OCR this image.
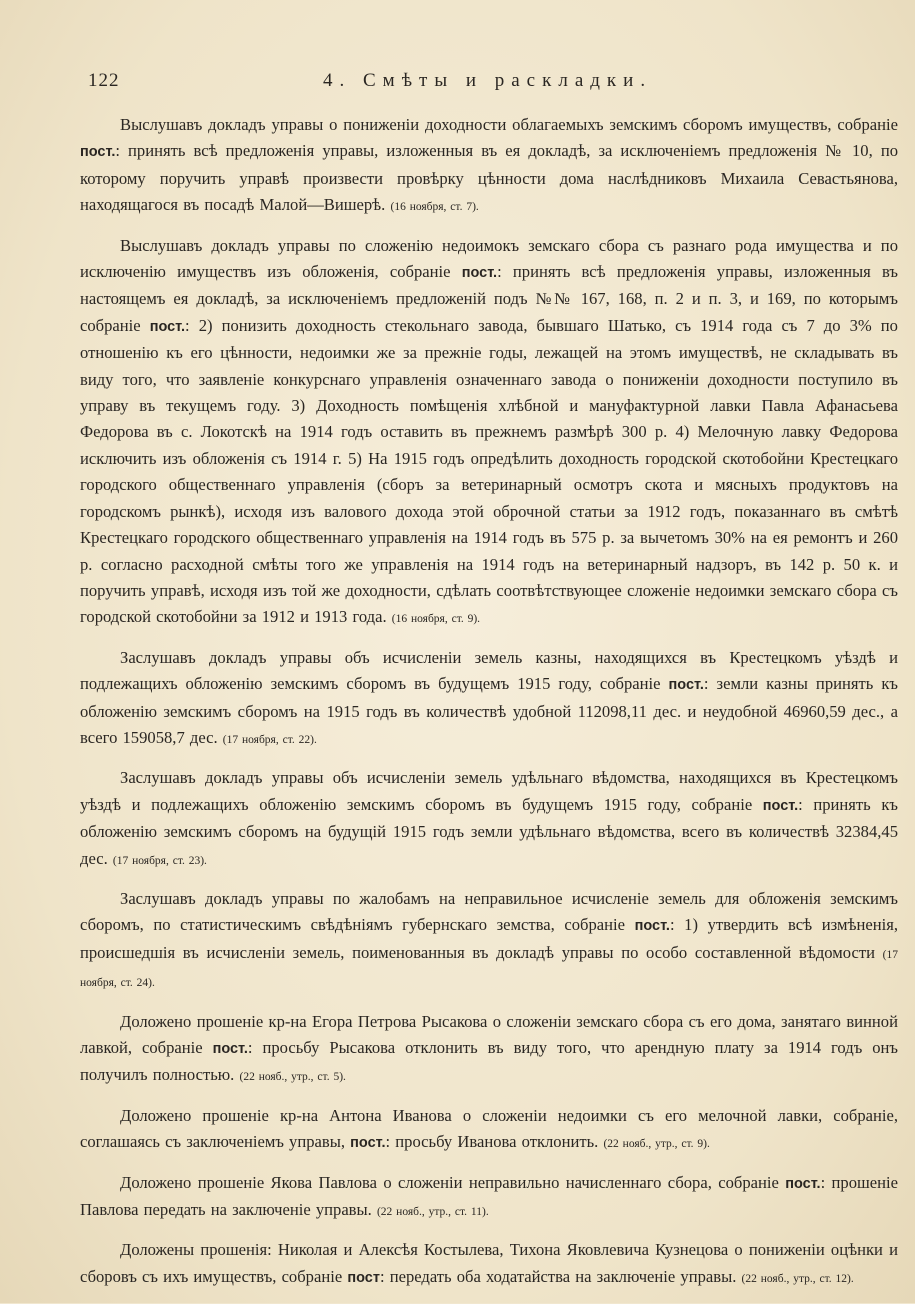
122	4. Смѣты и раскладки.

Выслушавъ докладъ управы о пониженіи доходности облагаемыхъ земскимъ сборомъ имуществъ, собраніе пост.: принять всѣ предложенія управы, изложенныя въ ея докладѣ, за исключеніемъ предложенія № 10, по которому поручить управѣ произвести провѣрку цѣнности дома наслѣдниковъ Михаила Севастьянова, находящагося въ посадѣ Малой—Вишерѣ. (16 ноября, ст. 7).

Выслушавъ докладъ управы по сложенію недоимокъ земскаго сбора съ разнаго рода имущества и по исключенію имуществъ изъ обложенія, собраніе пост.: принять всѣ предложенія управы, изложенныя въ настоящемъ ея докладѣ, за исключеніемъ предложеній подъ №№ 167, 168, п. 2 и п. 3, и 169, по которымъ собраніе пост.: 2) понизить доходность стекольнаго завода, бывшаго Шатько, съ 1914 года съ 7 до 3% по отношенію къ его цѣнности, недоимки же за прежніе годы, лежащей на этомъ имуществѣ, не складывать въ виду того, что заявленіе конкурснаго управленія означеннаго завода о пониженіи доходности поступило въ управу въ текущемъ году. 3) Доходность помѣщенія хлѣбной и мануфактурной лавки Павла Афанасьева Федорова въ с. Локотскѣ на 1914 годъ оставить въ прежнемъ размѣрѣ 300 р. 4) Мелочную лавку Федорова исключить изъ обложенія съ 1914 г. 5) На 1915 годъ опредѣлить доходность городской скотобойни Крестецкаго городского общественнаго управленія (сборъ за ветеринарный осмотръ скота и мясныхъ продуктовъ на городскомъ рынкѣ), исходя изъ валового дохода этой оброчной статьи за 1912 годъ, показаннаго въ смѣтѣ Крестецкаго городского общественнаго управленія на 1914 годъ въ 575 р. за вычетомъ 30% на ея ремонтъ и 260 р. согласно расходной смѣты того же управленія на 1914 годъ на ветеринарный надзоръ, въ 142 р. 50 к. и поручить управѣ, исходя изъ той же доходности, сдѣлать соотвѣтствующее сложеніе недоимки земскаго сбора съ городской скотобойни за 1912 и 1913 года. (16 ноября, ст. 9).

Заслушавъ докладъ управы объ исчисленіи земель казны, находящихся въ Крестецкомъ уѣздѣ и подлежащихъ обложенію земскимъ сборомъ въ будущемъ 1915 году, собраніе пост.: земли казны принять къ обложенію земскимъ сборомъ на 1915 годъ въ количествѣ удобной 112098,11 дес. и неудобной 46960,59 дес., а всего 159058,7 дес. (17 ноября, ст. 22).

Заслушавъ докладъ управы объ исчисленіи земель удѣльнаго вѣдомства, находящихся въ Крестецкомъ уѣздѣ и подлежащихъ обложенію земскимъ сборомъ въ будущемъ 1915 году, собраніе пост.: принять къ обложенію земскимъ сборомъ на будущій 1915 годъ земли удѣльнаго вѣдомства, всего въ количествѣ 32384,45 дес. (17 ноября, ст. 23).

Заслушавъ докладъ управы по жалобамъ на неправильное исчисленіе земель для обложенія земскимъ сборомъ, по статистическимъ свѣдѣніямъ губернскаго земства, собраніе пост.: 1) утвердить всѣ измѣненія, происшедшія въ исчисленіи земель, поименованныя въ докладѣ управы по особо составленной вѣдомости (17 ноября, ст. 24).

Доложено прошеніе кр-на Егора Петрова Рысакова о сложеніи земскаго сбора съ его дома, занятаго винной лавкой, собраніе пост.: просьбу Рысакова отклонить въ виду того, что арендную плату за 1914 годъ онъ получилъ полностью. (22 нояб., утр., ст. 5).

Доложено прошеніе кр-на Антона Иванова о сложеніи недоимки съ его мелочной лавки, собраніе, соглашаясь съ заключеніемъ управы, пост.: просьбу Иванова отклонить. (22 нояб., утр., ст. 9).

Доложено прошеніе Якова Павлова о сложеніи неправильно начисленнаго сбора, собраніе пост.: прошеніе Павлова передать на заключеніе управы. (22 нояб., утр., ст. 11).

Доложены прошенія: Николая и Алексѣя Костылева, Тихона Яковлевича Кузнецова о пониженіи оцѣнки и сборовъ съ ихъ имуществъ, собраніе пост: передать оба ходатайства на заключеніе управы. (22 нояб., утр., ст. 12).
